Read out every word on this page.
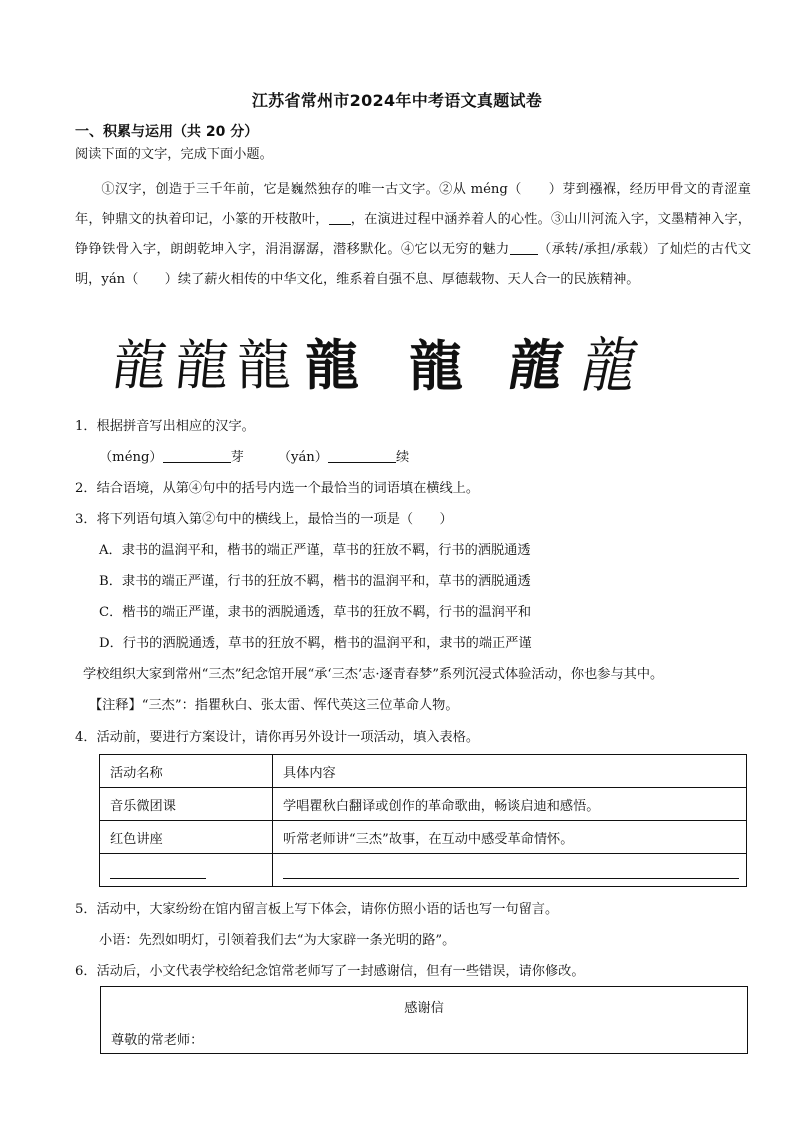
江苏省常州市2024年中考语文真题试卷
一、积累与运用（共 20 分）
阅读下面的文字，完成下面小题。

①汉字，创造于三千年前，它是巍然独存的唯一古文字。②从 méng（　　）芽到襁褓，经历甲骨文的青涩童年，钟鼎文的执着印记，小篆的开枝散叶， ，在演进过程中涵养着人的心性。③山川河流入字，文墨精神入字，铮铮铁骨入字，朗朗乾坤入字，涓涓潺潺，潜移默化。④它以无穷的魅力 （承转/承担/承载）了灿烂的古代文明，yán（　　）续了薪火相传的中华文化，维系着自强不息、厚德载物、天人合一的民族精神。

龍 龍 龍 龍 龍 龍 龍
1．根据拼音写出相应的汉字。
（méng）	芽	（yán）	续
2．结合语境，从第④句中的括号内选一个最恰当的词语填在横线上。
3．将下列语句填入第②句中的横线上，最恰当的一项是（　　）
A．隶书的温润平和，楷书的端正严谨，草书的狂放不羁，行书的洒脱通透
B．隶书的端正严谨，行书的狂放不羁，楷书的温润平和，草书的洒脱通透
C．楷书的端正严谨，隶书的洒脱通透，草书的狂放不羁，行书的温润平和
D．行书的洒脱通透，草书的狂放不羁，楷书的温润平和，隶书的端正严谨
学校组织大家到常州“三杰”纪念馆开展“承‘三杰’志·逐青春梦”系列沉浸式体验活动，你也参与其中。
【注释】“三杰”：指瞿秋白、张太雷、恽代英这三位革命人物。
4．活动前，要进行方案设计，请你再另外设计一项活动，填入表格。
活动名称	具体内容
音乐微团课	学唱瞿秋白翻译或创作的革命歌曲，畅谈启迪和感悟。
红色讲座	听常老师讲“三杰”故事，在互动中感受革命情怀。

5．活动中，大家纷纷在馆内留言板上写下体会，请你仿照小语的话也写一句留言。
小语：先烈如明灯，引领着我们去“为大家辟一条光明的路”。
6．活动后，小文代表学校给纪念馆常老师写了一封感谢信，但有一些错误，请你修改。
感谢信
尊敬的常老师：
